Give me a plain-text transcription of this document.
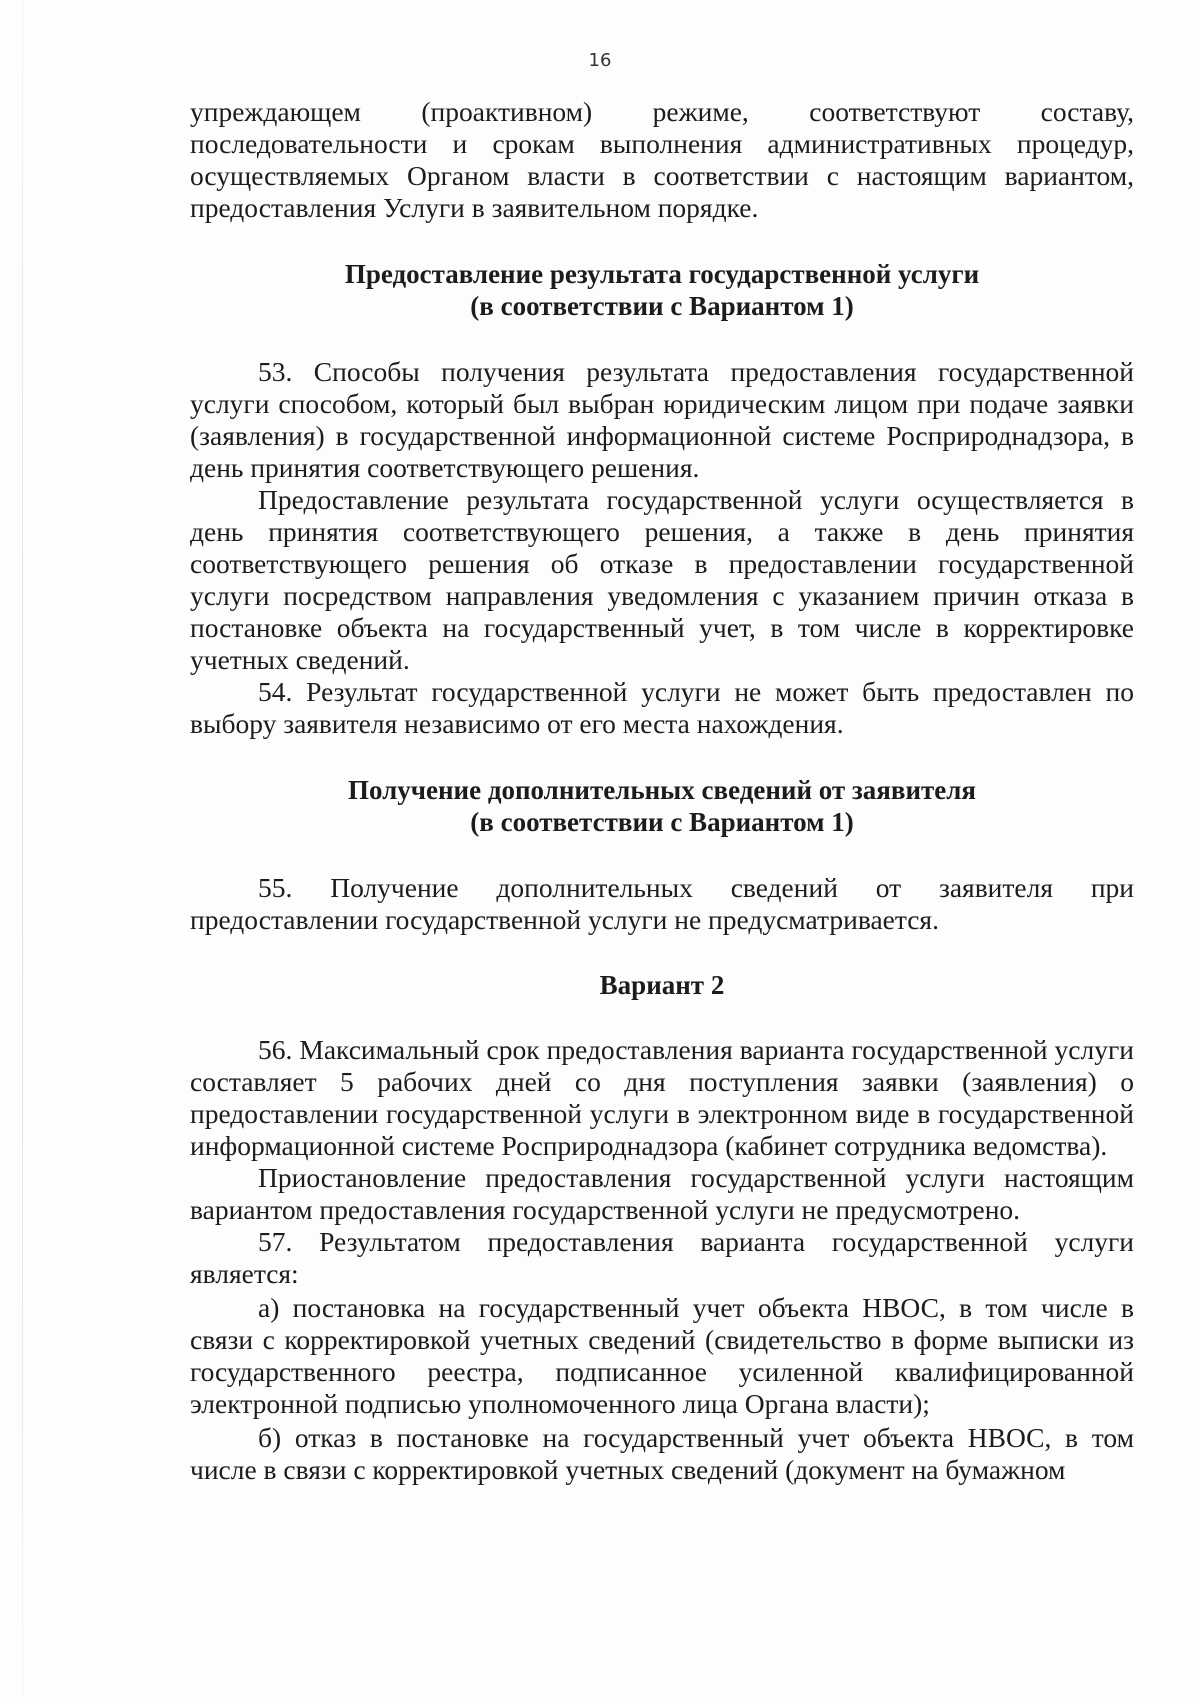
16

упреждающем (проактивном) режиме, соответствуют составу, последовательности и срокам выполнения административных процедур, осуществляемых Органом власти в соответствии с настоящим вариантом, предоставления Услуги в заявительном порядке.

Предоставление результата государственной услуги
(в соответствии с Вариантом 1)

53. Способы получения результата предоставления государственной услуги способом, который был выбран юридическим лицом при подаче заявки (заявления) в государственной информационной системе Росприроднадзора, в день принятия соответствующего решения.

Предоставление результата государственной услуги осуществляется в день принятия соответствующего решения, а также в день принятия соответствующего решения об отказе в предоставлении государственной услуги посредством направления уведомления с указанием причин отказа в постановке объекта на государственный учет, в том числе в корректировке учетных сведений.

54. Результат государственной услуги не может быть предоставлен по выбору заявителя независимо от его места нахождения.

Получение дополнительных сведений от заявителя
(в соответствии с Вариантом 1)

55. Получение дополнительных сведений от заявителя при предоставлении государственной услуги не предусматривается.

Вариант 2

56. Максимальный срок предоставления варианта государственной услуги составляет 5 рабочих дней со дня поступления заявки (заявления) о предоставлении государственной услуги в электронном виде в государственной информационной системе Росприроднадзора (кабинет сотрудника ведомства).

Приостановление предоставления государственной услуги настоящим вариантом предоставления государственной услуги не предусмотрено.

57. Результатом предоставления варианта государственной услуги является:

а) постановка на государственный учет объекта НВОС, в том числе в связи с корректировкой учетных сведений (свидетельство в форме выписки из государственного реестра, подписанное усиленной квалифицированной электронной подписью уполномоченного лица Органа власти);

б) отказ в постановке на государственный учет объекта НВОС, в том числе в связи с корректировкой учетных сведений (документ на бумажном
